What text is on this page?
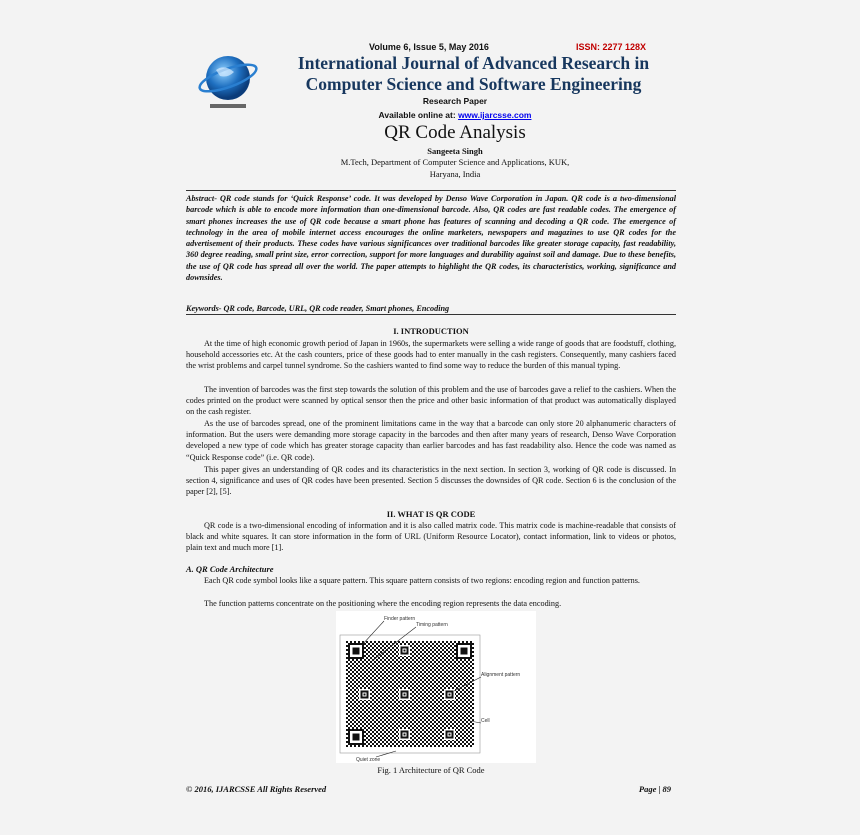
Volume 6, Issue 5, May 2016	ISSN: 2277 128X
International Journal of Advanced Research in
Computer Science and Software Engineering
Research Paper
Available online at: www.ijarcsse.com
QR Code Analysis
Sangeeta Singh
M.Tech, Department of Computer Science and Applications, KUK,
Haryana, India
Abstract- QR code stands for ‘Quick Response’ code. It was developed by Denso Wave Corporation in Japan. QR code is a two-dimensional barcode which is able to encode more information than one-dimensional barcode. Also, QR codes are fast readable codes. The emergence of smart phones increases the use of QR code because a smart phone has features of scanning and decoding a QR code. The emergence of technology in the area of mobile internet access encourages the online marketers, newspapers and magazines to use QR codes for the advertisement of their products. These codes have various significances over traditional barcodes like greater storage capacity, fast readability, 360 degree reading, small print size, error correction, support for more languages and durability against soil and damage. Due to these benefits, the use of QR code has spread all over the world. The paper attempts to highlight the QR codes, its characteristics, working, significance and downsides.
Keywords- QR code, Barcode, URL, QR code reader, Smart phones, Encoding
I. INTRODUCTION
At the time of high economic growth period of Japan in 1960s, the supermarkets were selling a wide range of goods that are foodstuff, clothing, household accessories etc. At the cash counters, price of these goods had to enter manually in the cash registers. Consequently, many cashiers faced the wrist problems and carpel tunnel syndrome. So the cashiers wanted to find some way to reduce the burden of this manual typing.
The invention of barcodes was the first step towards the solution of this problem and the use of barcodes gave a relief to the cashiers. When the codes printed on the product were scanned by optical sensor then the price and other basic information of that product was automatically displayed on the cash register.
As the use of barcodes spread, one of the prominent limitations came in the way that a barcode can only store 20 alphanumeric characters of information. But the users were demanding more storage capacity in the barcodes and then after many years of research, Denso Wave Corporation developed a new type of code which has greater storage capacity than earlier barcodes and has fast readability also. Hence the code was named as “Quick Response code” (i.e. QR code).
This paper gives an understanding of QR codes and its characteristics in the next section. In section 3, working of QR code is discussed. In section 4, significance and uses of QR codes have been presented. Section 5 discusses the downsides of QR code. Section 6 is the conclusion of the paper [2], [5].
II. WHAT IS QR CODE
QR code is a two-dimensional encoding of information and it is also called matrix code. This matrix code is machine-readable that consists of black and white squares. It can store information in the form of URL (Uniform Resource Locator), contact information, link to videos or photos, plain text and much more [1].
A. QR Code Architecture
Each QR code symbol looks like a square pattern. This square pattern consists of two regions: encoding region and function patterns.
The function patterns concentrate on the positioning where the encoding region represents the data encoding.
Finder pattern
Timing pattern
Alignment pattern
Cell
Quiet zone
Fig. 1 Architecture of QR Code
© 2016, IJARCSSE All Rights Reserved	Page | 89
